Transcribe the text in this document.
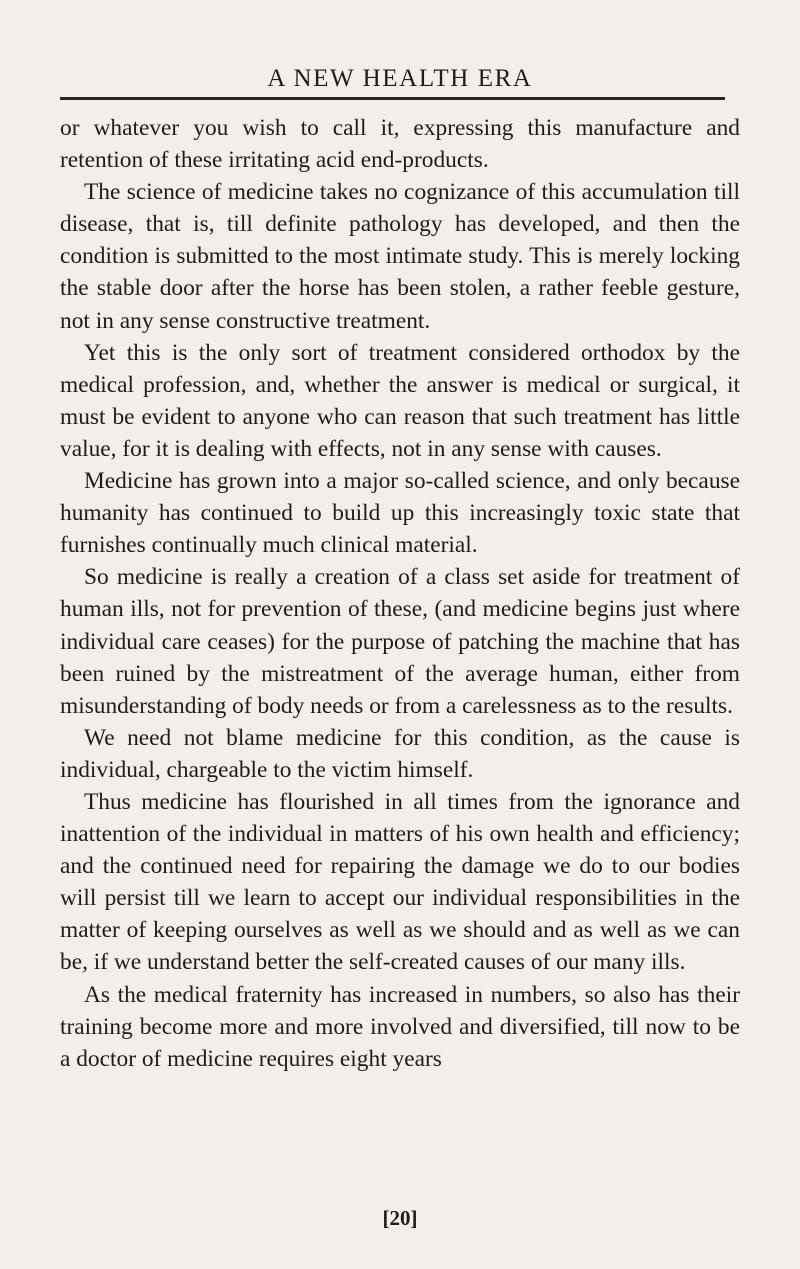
A NEW HEALTH ERA

or whatever you wish to call it, expressing this manufacture and retention of these irritating acid end-products.

The science of medicine takes no cognizance of this accumulation till disease, that is, till definite pathology has developed, and then the condition is submitted to the most intimate study. This is merely locking the stable door after the horse has been stolen, a rather feeble gesture, not in any sense constructive treatment.

Yet this is the only sort of treatment considered orthodox by the medical profession, and, whether the answer is medical or surgical, it must be evident to anyone who can reason that such treatment has little value, for it is dealing with effects, not in any sense with causes.

Medicine has grown into a major so-called science, and only because humanity has continued to build up this increasingly toxic state that furnishes continually much clinical material.

So medicine is really a creation of a class set aside for treatment of human ills, not for prevention of these, (and medicine begins just where individual care ceases) for the purpose of patching the machine that has been ruined by the mistreatment of the average human, either from misunderstanding of body needs or from a carelessness as to the results.

We need not blame medicine for this condition, as the cause is individual, chargeable to the victim himself.

Thus medicine has flourished in all times from the ignorance and inattention of the individual in matters of his own health and efficiency; and the continued need for repairing the damage we do to our bodies will persist till we learn to accept our individual responsibilities in the matter of keeping ourselves as well as we should and as well as we can be, if we understand better the self-created causes of our many ills.

As the medical fraternity has increased in numbers, so also has their training become more and more involved and diversified, till now to be a doctor of medicine requires eight years

[20]
